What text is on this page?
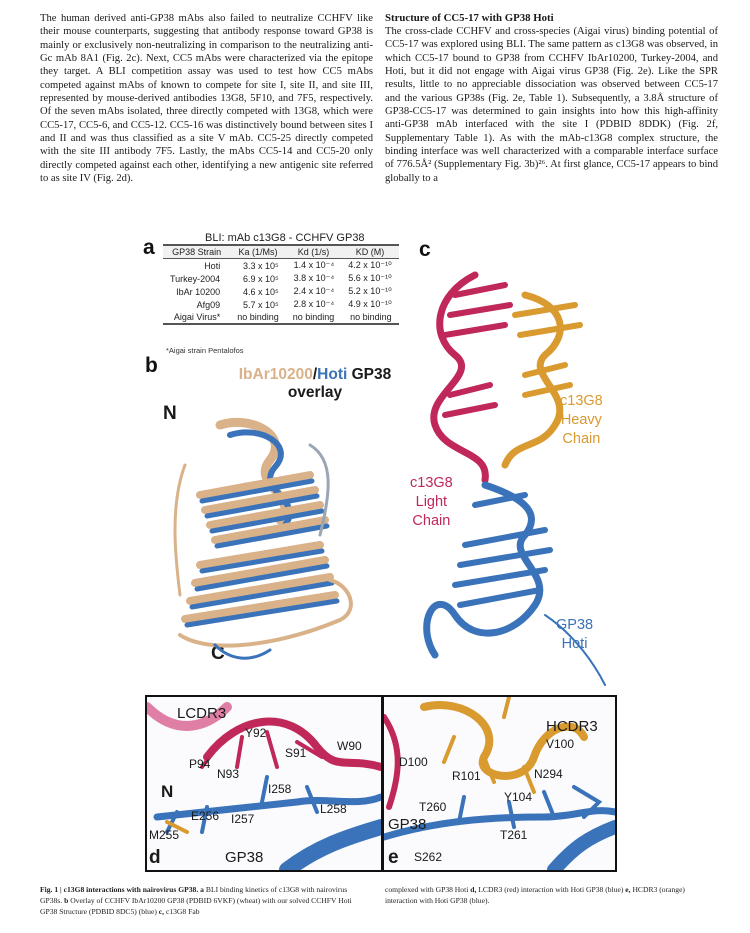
The human derived anti-GP38 mAbs also failed to neutralize CCHFV like their mouse counterparts, suggesting that antibody response toward GP38 is mainly or exclusively non-neutralizing in comparison to the neutralizing anti-Gc mAb 8A1 (Fig. 2c). Next, CC5 mAbs were characterized via the epitope they target. A BLI competition assay was used to test how CC5 mAbs competed against mAbs of known to compete for site I, site II, and site III, represented by mouse-derived antibodies 13G8, 5F10, and 7F5, respectively. Of the seven mAbs isolated, three directly competed with 13G8, which were CC5-17, CC5-6, and CC5-12. CC5-16 was distinctively bound between sites I and II and was thus classified as a site V mAb. CC5-25 directly competed with the site III antibody 7F5. Lastly, the mAbs CC5-14 and CC5-20 only directly competed against each other, identifying a new antigenic site referred to as site IV (Fig. 2d).

Structure of CC5-17 with GP38 Hoti

The cross-clade CCHFV and cross-species (Aigai virus) binding potential of CC5-17 was explored using BLI. The same pattern as c13G8 was observed, in which CC5-17 bound to GP38 from CCHFV IbAr10200, Turkey-2004, and Hoti, but it did not engage with Aigai virus GP38 (Fig. 2e). Like the SPR results, little to no appreciable dissociation was observed between CC5-17 and the various GP38s (Fig. 2e, Table 1). Subsequently, a 3.8Å structure of GP38-CC5-17 was determined to gain insights into how this high-affinity anti-GP38 mAb interfaced with the site I (PDBID 8DDK) (Fig. 2f, Supplementary Table 1). As with the mAb-c13G8 complex structure, the binding interface was well characterized with a comparable interface surface of 776.5Å² (Supplementary Fig. 3b)²⁶. At first glance, CC5-17 appears to bind globally to a

a	BLI: mAb c13G8 - CCHFV GP38
GP38 Strain	Ka (1/Ms)	Kd (1/s)	KD (M)
Hoti	3.3 x 10⁵	1.4 x 10⁻⁴	4.2 x 10⁻¹⁰
Turkey-2004	6.9 x 10⁵	3.8 x 10⁻⁴	5.6 x 10⁻¹⁰
IbAr 10200	4.6 x 10⁵	2.4 x 10⁻⁴	5.2 x 10⁻¹⁰
Afg09	5.7 x 10⁵	2.8 x 10⁻⁴	4.9 x 10⁻¹⁰
Aigai Virus*	no binding	no binding	no binding
*Aigai strain Pentalofos
b	IbAr10200/Hoti GP38
overlay
N
C
c
c13G8
Heavy
Chain
c13G8
Light
Chain
GP38
Hoti
LCDR3
Y92
S91	W90
P94
N93
I258
L258
E256 I257
M255
N
GP38
d
HCDR3
V100
D100
R101	N294
Y104
T260
T261
S262
GP38
e
Fig. 1 | c13G8 interactions with nairovirus GP38. a BLI binding kinetics of c13G8 with nairovirus GP38s. b Overlay of CCHFV IbAr10200 GP38 (PDBID 6VKF) (wheat) with our solved CCHFV Hoti GP38 Structure (PDBID 8DC5) (blue) c, c13G8 Fab
complexed with GP38 Hoti d, LCDR3 (red) interaction with Hoti GP38 (blue) e, HCDR3 (orange) interaction with Hoti GP38 (blue).
